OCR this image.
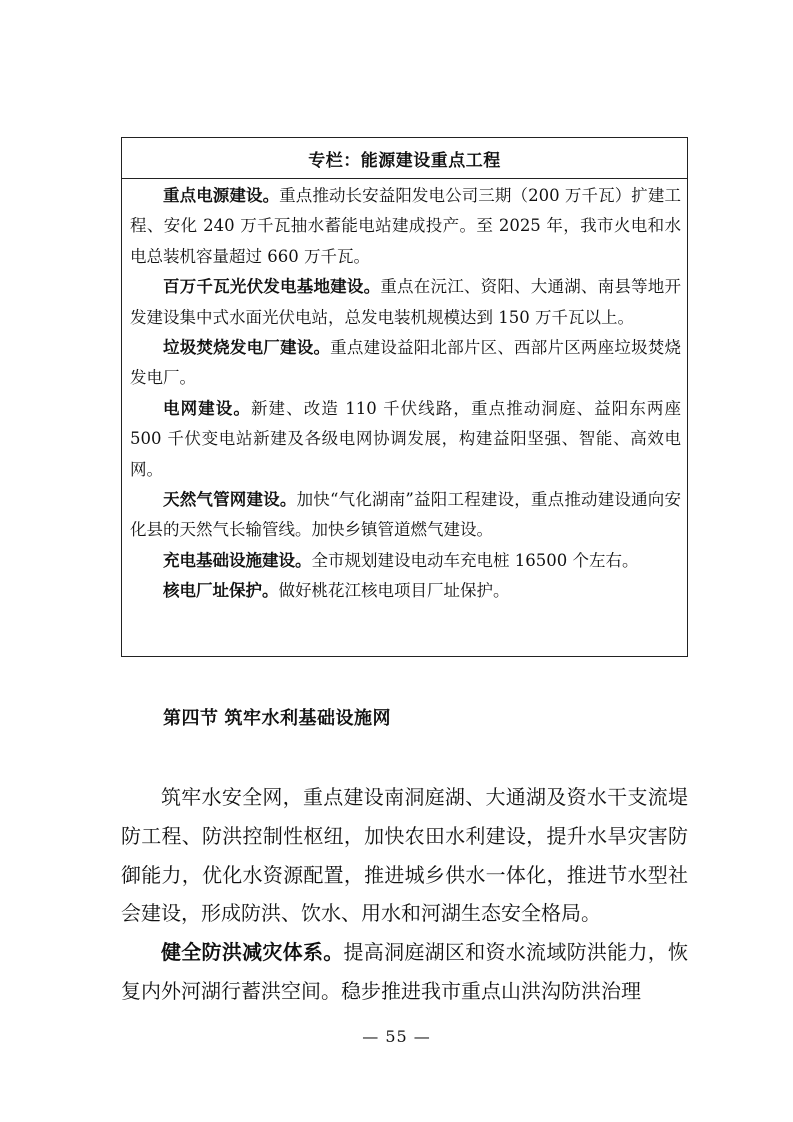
专栏：能源建设重点工程

重点电源建设。重点推动长安益阳发电公司三期（200 万千瓦）扩建工程、安化 240 万千瓦抽水蓄能电站建成投产。至 2025 年，我市火电和水电总装机容量超过 660 万千瓦。

百万千瓦光伏发电基地建设。重点在沅江、资阳、大通湖、南县等地开发建设集中式水面光伏电站，总发电装机规模达到 150 万千瓦以上。

垃圾焚烧发电厂建设。重点建设益阳北部片区、西部片区两座垃圾焚烧发电厂。

电网建设。新建、改造 110 千伏线路，重点推动洞庭、益阳东两座 500 千伏变电站新建及各级电网协调发展，构建益阳坚强、智能、高效电网。

天然气管网建设。加快“气化湖南”益阳工程建设，重点推动建设通向安化县的天然气长输管线。加快乡镇管道燃气建设。

充电基础设施建设。全市规划建设电动车充电桩 16500 个左右。

核电厂址保护。做好桃花江核电项目厂址保护。

第四节 筑牢水利基础设施网

筑牢水安全网，重点建设南洞庭湖、大通湖及资水干支流堤防工程、防洪控制性枢纽，加快农田水利建设，提升水旱灾害防御能力，优化水资源配置，推进城乡供水一体化，推进节水型社会建设，形成防洪、饮水、用水和河湖生态安全格局。

健全防洪减灾体系。提高洞庭湖区和资水流域防洪能力，恢复内外河湖行蓄洪空间。稳步推进我市重点山洪沟防洪治理

— 55 —
